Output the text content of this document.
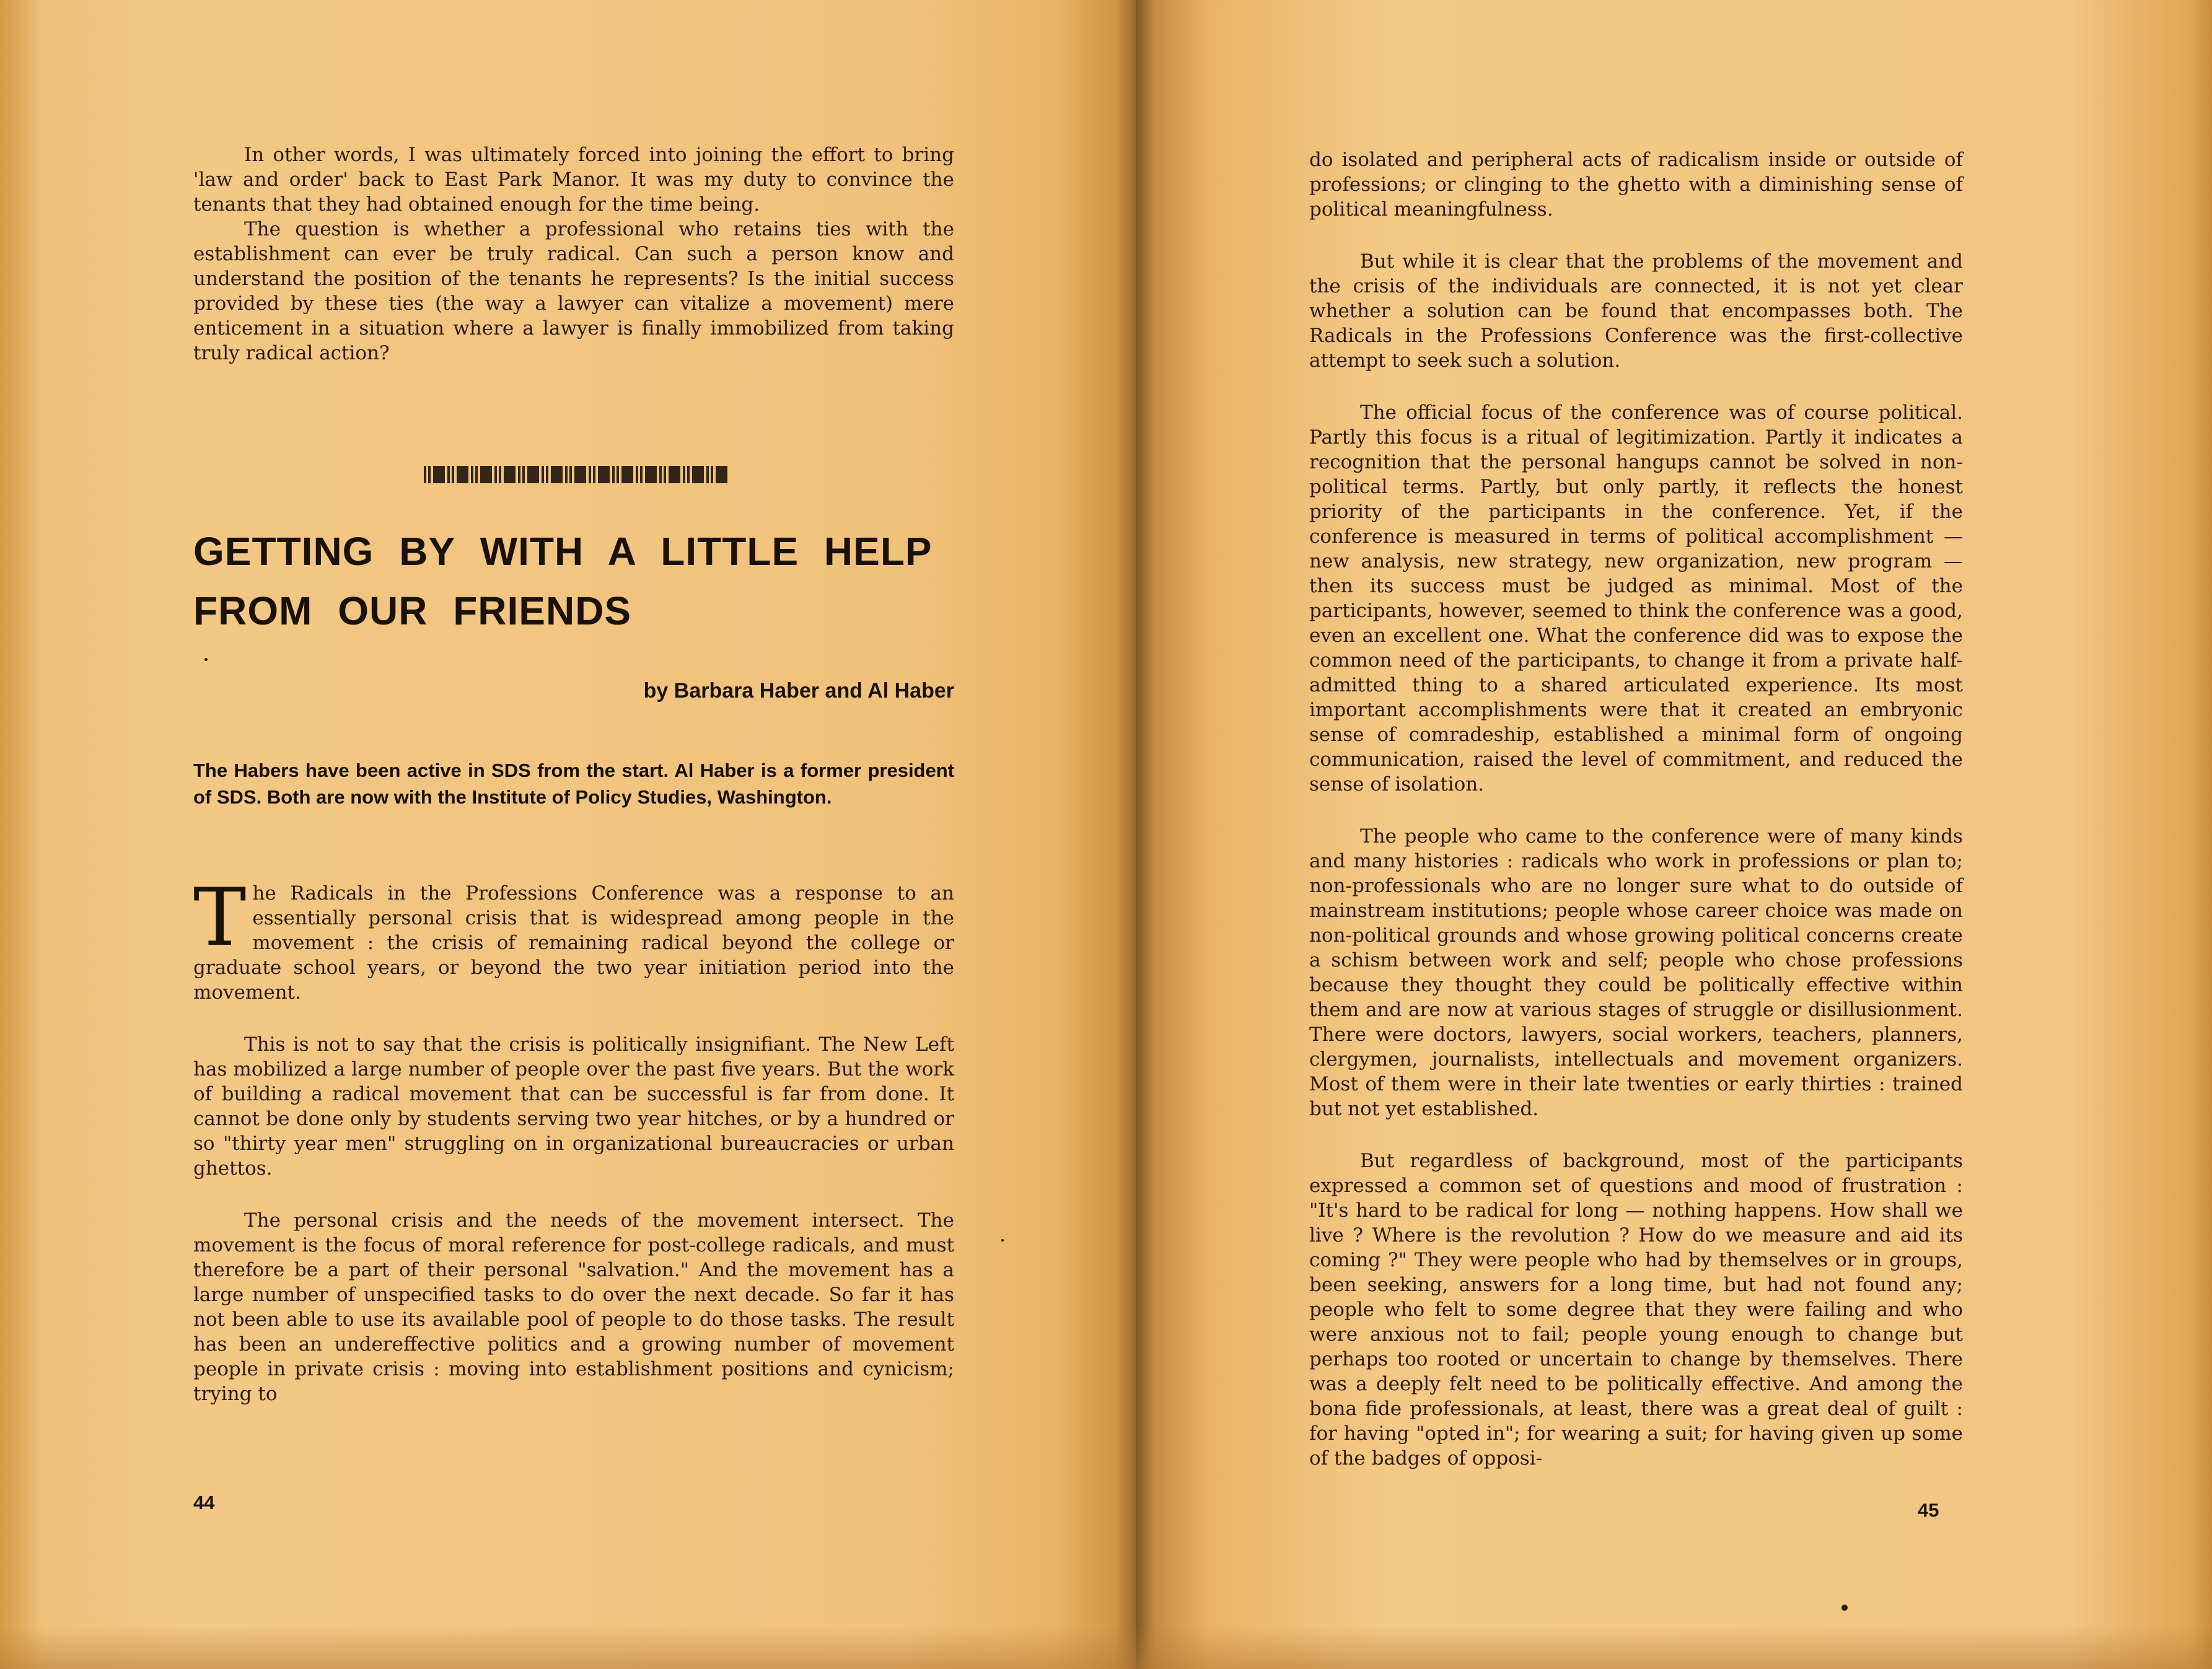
In other words, I was ultimately forced into joining the effort to bring 'law and order' back to East Park Manor. It was my duty to convince the tenants that they had obtained enough for the time being.

The question is whether a professional who retains ties with the establishment can ever be truly radical. Can such a person know and understand the position of the tenants he represents? Is the initial success provided by these ties (the way a lawyer can vitalize a movement) mere enticement in a situation where a lawyer is finally immobilized from taking truly radical action?

GETTING BY WITH A LITTLE HELP
FROM OUR FRIENDS

by Barbara Haber and Al Haber

The Habers have been active in SDS from the start. Al Haber is a former president of SDS. Both are now with the Institute of Policy Studies, Washington.

The Radicals in the Professions Conference was a response to an essentially personal crisis that is widespread among people in the movement : the crisis of remaining radical beyond the college or graduate school years, or beyond the two year initiation period into the movement.

This is not to say that the crisis is politically insignifiant. The New Left has mobilized a large number of people over the past five years. But the work of building a radical movement that can be successful is far from done. It cannot be done only by students serving two year hitches, or by a hundred or so "thirty year men" struggling on in organizational bureaucracies or urban ghettos.

The personal crisis and the needs of the movement intersect. The movement is the focus of moral reference for post-college radicals, and must therefore be a part of their personal "salvation." And the movement has a large number of unspecified tasks to do over the next decade. So far it has not been able to use its available pool of people to do those tasks. The result has been an undereffective politics and a growing number of movement people in private crisis : moving into establishment positions and cynicism; trying to

44

do isolated and peripheral acts of radicalism inside or outside of professions; or clinging to the ghetto with a diminishing sense of political meaningfulness.

But while it is clear that the problems of the movement and the crisis of the individuals are connected, it is not yet clear whether a solution can be found that encompasses both. The Radicals in the Professions Conference was the first-collective attempt to seek such a solution.

The official focus of the conference was of course political. Partly this focus is a ritual of legitimization. Partly it indicates a recognition that the personal hangups cannot be solved in non-political terms. Partly, but only partly, it reflects the honest priority of the participants in the conference. Yet, if the conference is measured in terms of political accomplishment — new analysis, new strategy, new organization, new program — then its success must be judged as minimal. Most of the participants, however, seemed to think the conference was a good, even an excellent one. What the conference did was to expose the common need of the participants, to change it from a private half-admitted thing to a shared articulated experience. Its most important accomplishments were that it created an embryonic sense of comradeship, established a minimal form of ongoing communication, raised the level of commitment, and reduced the sense of isolation.

The people who came to the conference were of many kinds and many histories : radicals who work in professions or plan to; non-professionals who are no longer sure what to do outside of mainstream institutions; people whose career choice was made on non-political grounds and whose growing political concerns create a schism between work and self; people who chose professions because they thought they could be politically effective within them and are now at various stages of struggle or disillusionment. There were doctors, lawyers, social workers, teachers, planners, clergymen, journalists, intellectuals and movement organizers. Most of them were in their late twenties or early thirties : trained but not yet established.

But regardless of background, most of the participants expressed a common set of questions and mood of frustration : "It's hard to be radical for long — nothing happens. How shall we live ? Where is the revolution ? How do we measure and aid its coming ?" They were people who had by themselves or in groups, been seeking, answers for a long time, but had not found any; people who felt to some degree that they were failing and who were anxious not to fail; people young enough to change but perhaps too rooted or uncertain to change by themselves. There was a deeply felt need to be politically effective. And among the bona fide professionals, at least, there was a great deal of guilt : for having "opted in"; for wearing a suit; for having given up some of the badges of opposi-

45
